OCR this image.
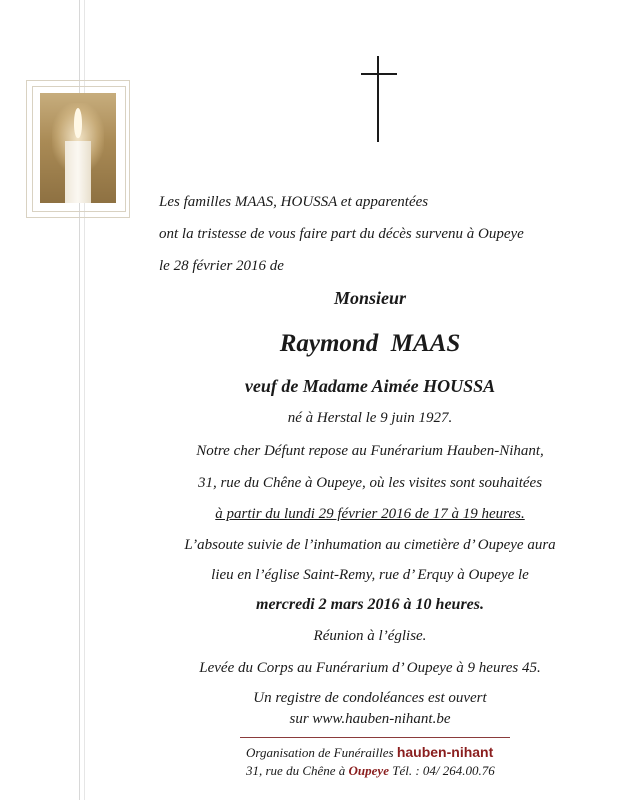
Les familles MAAS, HOUSSA et apparentées
ont la tristesse de vous faire part du décès survenu à Oupeye
le 28 février 2016 de
Monsieur
Raymond  MAAS
veuf de Madame Aimée HOUSSA
né à Herstal le 9 juin 1927.
Notre cher Défunt repose au Funérarium Hauben-Nihant,
31, rue du Chêne à Oupeye, où les visites sont souhaitées
à partir du lundi 29 février 2016 de 17 à 19 heures.
L’absoute suivie de l’inhumation au cimetière d’ Oupeye aura
lieu en l’église Saint-Remy, rue d’ Erquy à Oupeye le
mercredi 2 mars 2016 à 10 heures.
Réunion à l’église.
Levée du Corps au Funérarium d’ Oupeye à 9 heures 45.
Un registre de condoléances est ouvert
sur www.hauben-nihant.be
Organisation de Funérailles hauben-nihant
31, rue du Chêne à Oupeye Tél. : 04/ 264.00.76
